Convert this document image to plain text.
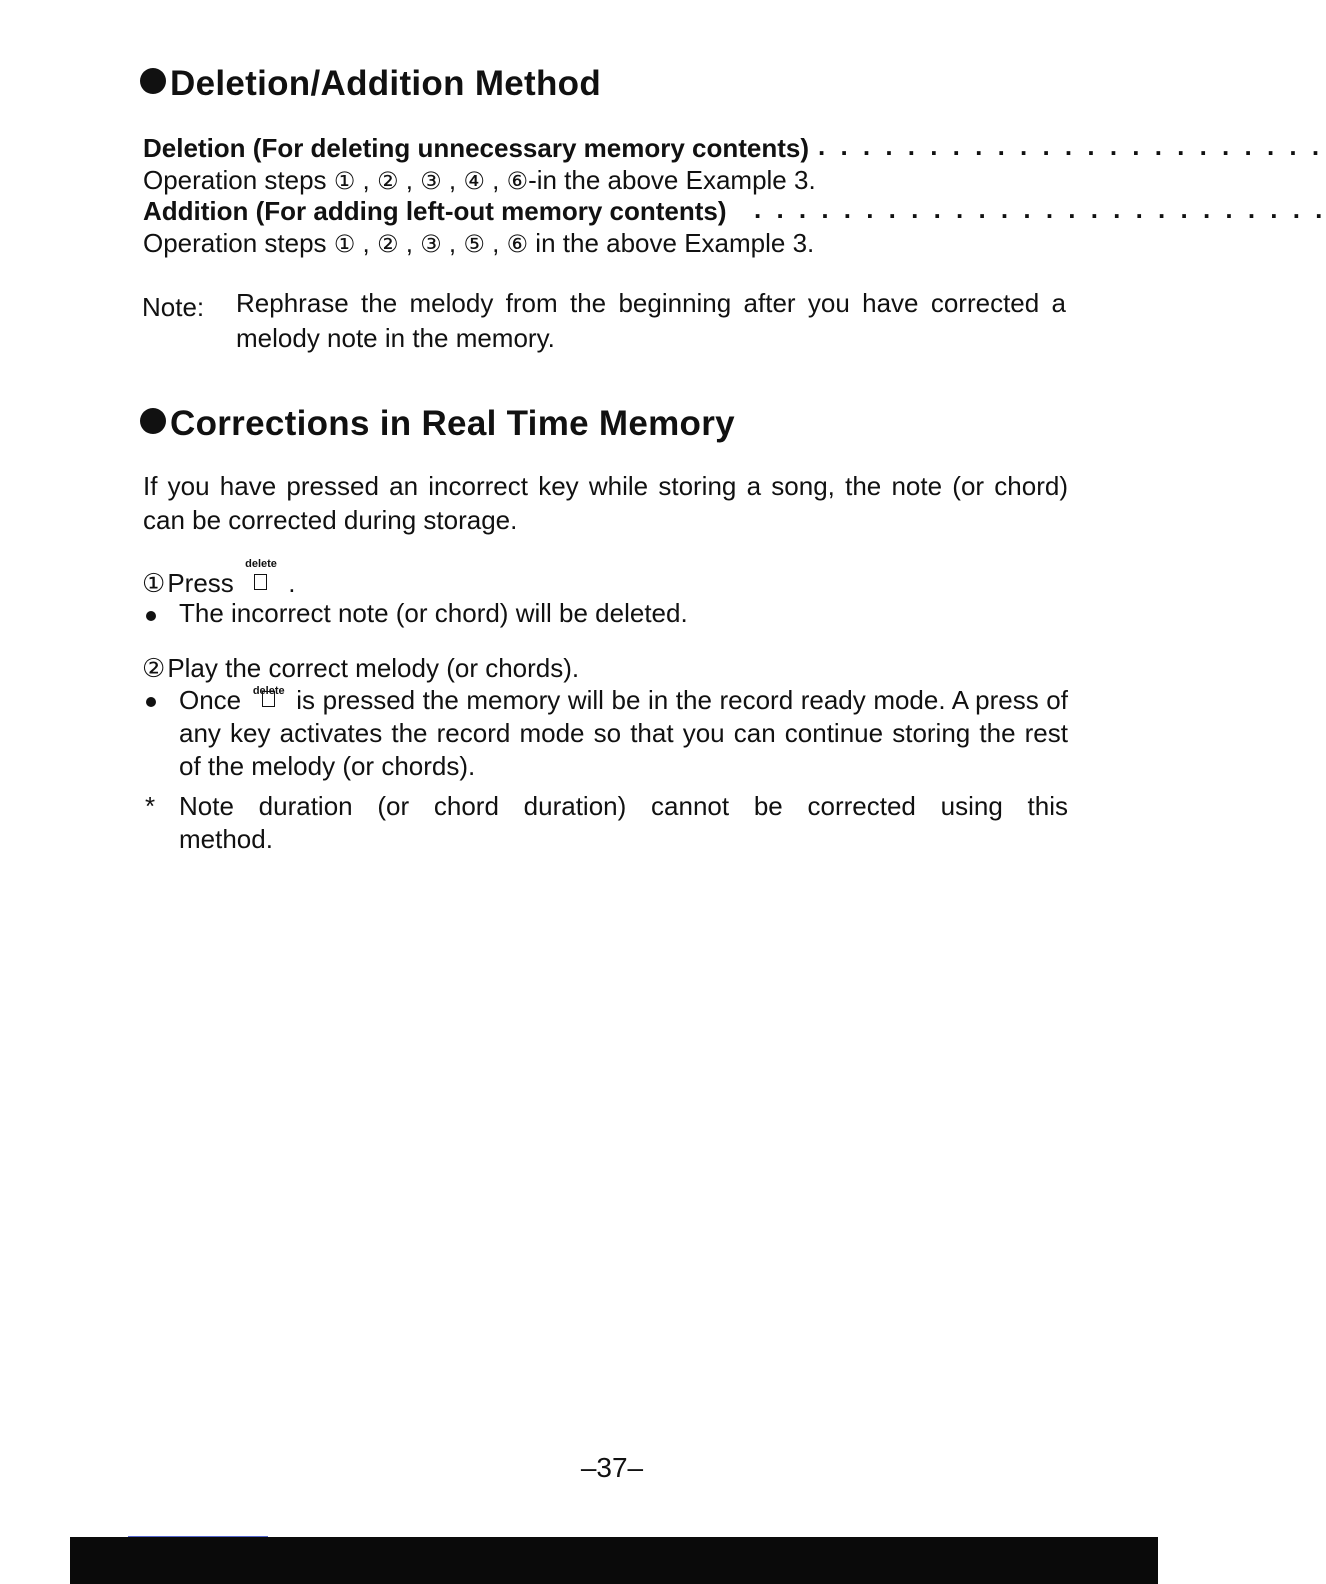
Deletion/Addition Method
Deletion (For deleting unnecessary memory contents) . . . . . . . . . . . . . . . . . . . . . . .
Operation steps ① , ② , ③ , ④ , ⑥-in the above Example 3.
Addition (For adding left-out memory contents) . . . . . . . . . . . . . . . . . . . . . . . . . .
Operation steps ① , ② , ③ , ⑤ , ⑥ in the above Example 3.
Note: Rephrase the melody from the beginning after you have corrected a melody note in the memory.
Corrections in Real Time Memory
If you have pressed an incorrect key while storing a song, the note (or chord) can be corrected during storage.
①Press
delete
.
The incorrect note (or chord) will be deleted.
②Play the correct melody (or chords).
Once	delete is pressed the memory will be in the record ready mode. A press of any key activates the record mode so that you can continue storing the rest of the melody (or chords).
* Note duration (or chord duration) cannot be corrected using this method.
–37–
